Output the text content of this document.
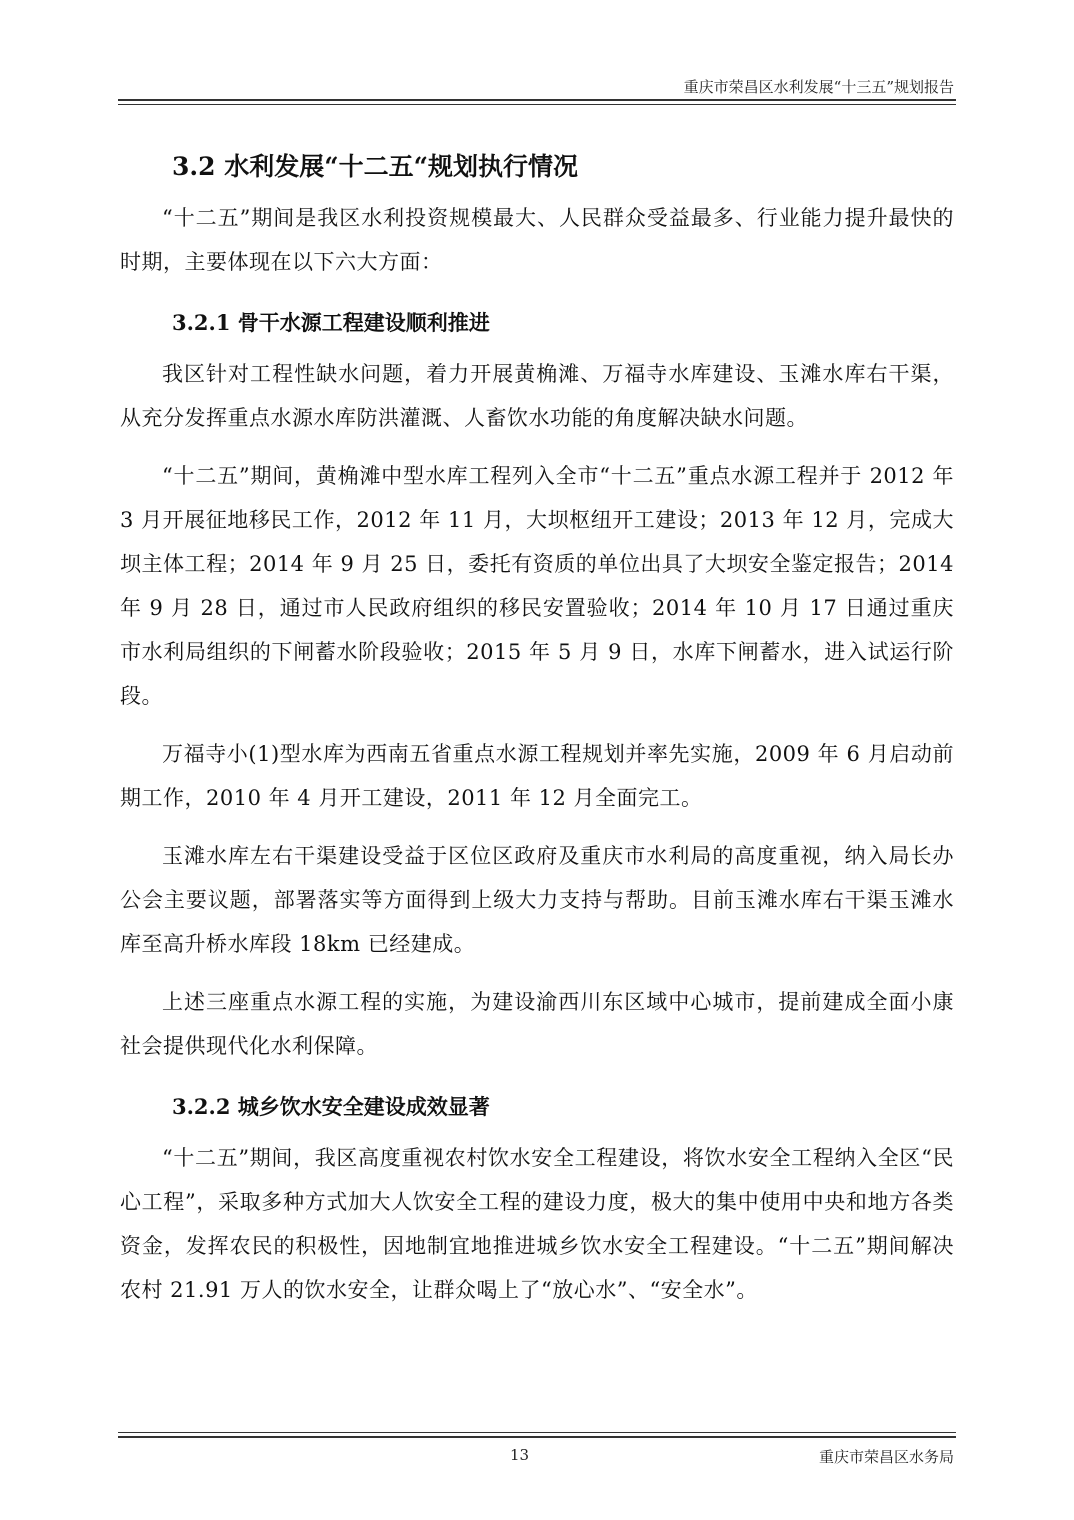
重庆市荣昌区水利发展“十三五”规划报告
3.2 水利发展“十二五“规划执行情况

“十二五”期间是我区水利投资规模最大、人民群众受益最多、行业能力提升最快的时期，主要体现在以下六大方面：

3.2.1 骨干水源工程建设顺利推进

我区针对工程性缺水问题，着力开展黄桷滩、万福寺水库建设、玉滩水库右干渠，从充分发挥重点水源水库防洪灌溉、人畜饮水功能的角度解决缺水问题。

“十二五”期间，黄桷滩中型水库工程列入全市“十二五”重点水源工程并于 2012 年 3 月开展征地移民工作，2012 年 11 月，大坝枢纽开工建设；2013 年 12 月，完成大坝主体工程；2014 年 9 月 25 日，委托有资质的单位出具了大坝安全鉴定报告；2014 年 9 月 28 日，通过市人民政府组织的移民安置验收；2014 年 10 月 17 日通过重庆市水利局组织的下闸蓄水阶段验收；2015 年 5 月 9 日，水库下闸蓄水，进入试运行阶段。

万福寺小(1)型水库为西南五省重点水源工程规划并率先实施，2009 年 6 月启动前期工作，2010 年 4 月开工建设，2011 年 12 月全面完工。

玉滩水库左右干渠建设受益于区位区政府及重庆市水利局的高度重视，纳入局长办公会主要议题，部署落实等方面得到上级大力支持与帮助。目前玉滩水库右干渠玉滩水库至高升桥水库段 18km 已经建成。

上述三座重点水源工程的实施，为建设渝西川东区域中心城市，提前建成全面小康社会提供现代化水利保障。

3.2.2 城乡饮水安全建设成效显著

“十二五”期间，我区高度重视农村饮水安全工程建设，将饮水安全工程纳入全区“民心工程”，采取多种方式加大人饮安全工程的建设力度，极大的集中使用中央和地方各类资金，发挥农民的积极性，因地制宜地推进城乡饮水安全工程建设。“十二五”期间解决农村 21.91 万人的饮水安全，让群众喝上了“放心水”、“安全水”。

13	重庆市荣昌区水务局
